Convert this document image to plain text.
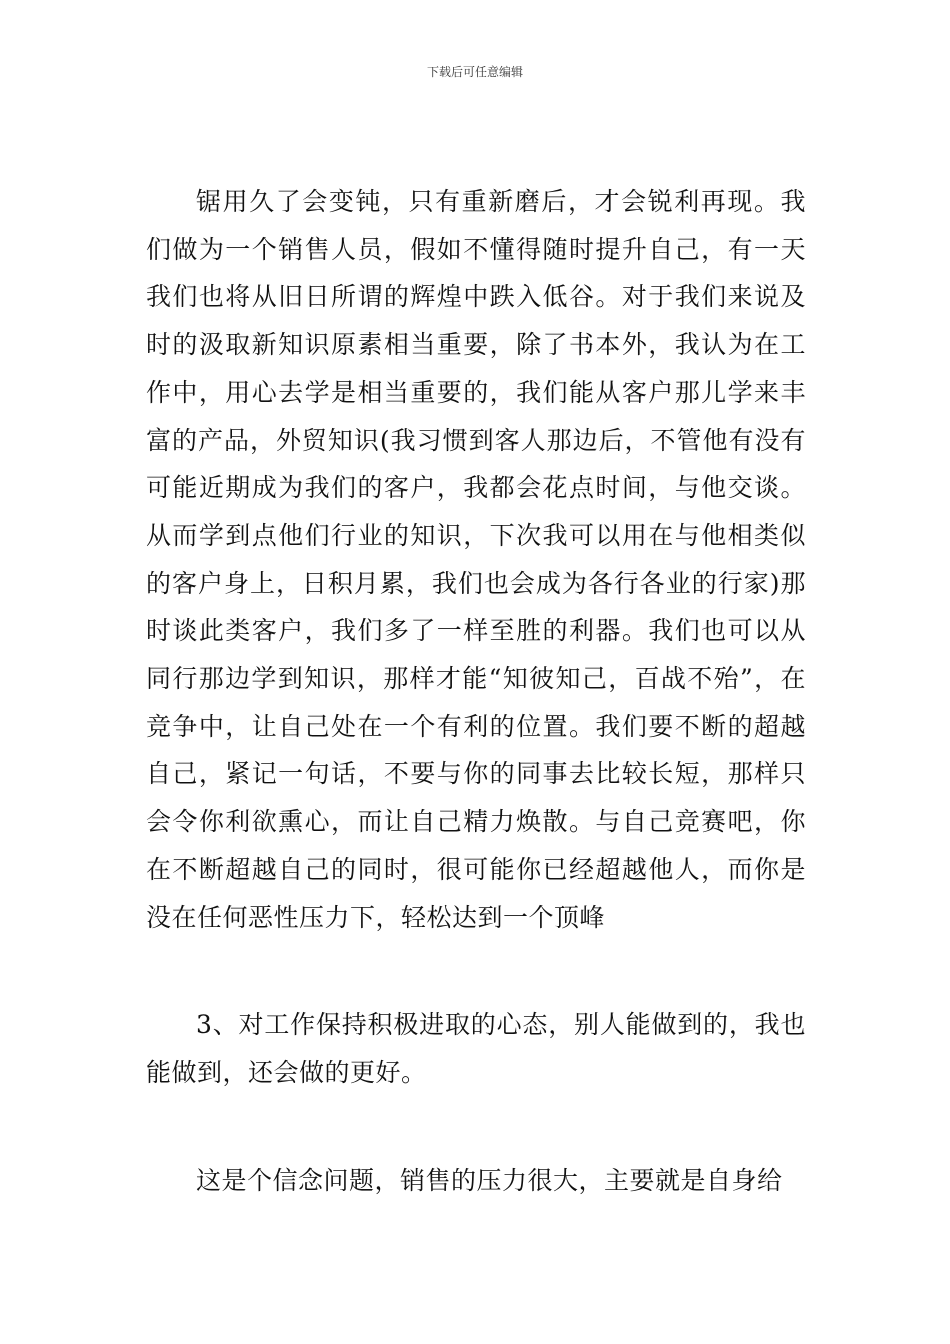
下载后可任意编辑

锯用久了会变钝，只有重新磨后，才会锐利再现。我们做为一个销售人员，假如不懂得随时提升自己，有一天我们也将从旧日所谓的辉煌中跌入低谷。对于我们来说及时的汲取新知识原素相当重要，除了书本外，我认为在工作中，用心去学是相当重要的，我们能从客户那儿学来丰富的产品，外贸知识(我习惯到客人那边后，不管他有没有可能近期成为我们的客户，我都会花点时间，与他交谈。从而学到点他们行业的知识，下次我可以用在与他相类似的客户身上，日积月累，我们也会成为各行各业的行家)那时谈此类客户，我们多了一样至胜的利器。我们也可以从同行那边学到知识，那样才能“知彼知己，百战不殆”，在竞争中，让自己处在一个有利的位置。我们要不断的超越自己，紧记一句话，不要与你的同事去比较长短，那样只会令你利欲熏心，而让自己精力焕散。与自己竞赛吧，你在不断超越自己的同时，很可能你已经超越他人，而你是没在任何恶性压力下，轻松达到一个顶峰

3、对工作保持积极进取的心态，别人能做到的，我也能做到，还会做的更好。

这是个信念问题，销售的压力很大，主要就是自身给
